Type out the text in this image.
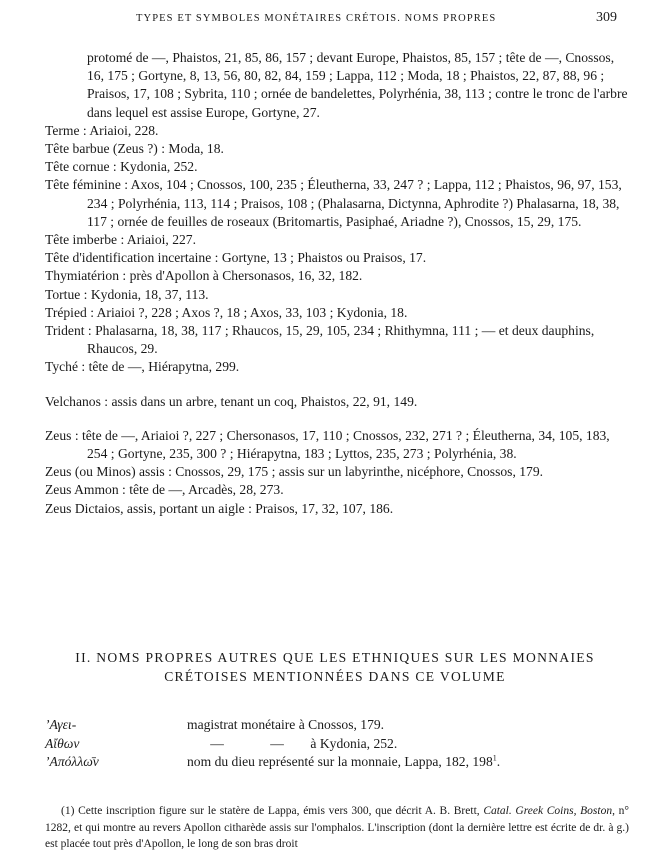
TYPES ET SYMBOLES MONÉTAIRES CRÉTOIS. NOMS PROPRES	309

protomé de —, Phaistos, 21, 85, 86, 157 ; devant Europe, Phaistos, 85, 157 ; tête de —, Cnossos, 16, 175 ; Gortyne, 8, 13, 56, 80, 82, 84, 159 ; Lappa, 112 ; Moda, 18 ; Phaistos, 22, 87, 88, 96 ; Praisos, 17, 108 ; Sybrita, 110 ; ornée de bandelettes, Polyrhénia, 38, 113 ; contre le tronc de l'arbre dans lequel est assise Europe, Gortyne, 27.

Terme : Ariaioi, 228.

Tête barbue (Zeus ?) : Moda, 18.

Tête cornue : Kydonia, 252.

Tête féminine : Axos, 104 ; Cnossos, 100, 235 ; Éleutherna, 33, 247 ? ; Lappa, 112 ; Phaistos, 96, 97, 153, 234 ; Polyrhénia, 113, 114 ; Praisos, 108 ; (Phalasarna, Dictynna, Aphrodite ?) Phalasarna, 18, 38, 117 ; ornée de feuilles de roseaux (Britomartis, Pasiphaé, Ariadne ?), Cnossos, 15, 29, 175.

Tête imberbe : Ariaioi, 227.

Tête d'identification incertaine : Gortyne, 13 ; Phaistos ou Praisos, 17.

Thymiatérion : près d'Apollon à Chersonasos, 16, 32, 182.

Tortue : Kydonia, 18, 37, 113.

Trépied : Ariaioi ?, 228 ; Axos ?, 18 ; Axos, 33, 103 ; Kydonia, 18.

Trident : Phalasarna, 18, 38, 117 ; Rhaucos, 15, 29, 105, 234 ; Rhithymna, 111 ; — et deux dauphins, Rhaucos, 29.

Tyché : tête de —, Hiérapytna, 299.

Velchanos : assis dans un arbre, tenant un coq, Phaistos, 22, 91, 149.

Zeus : tête de —, Ariaioi ?, 227 ; Chersonasos, 17, 110 ; Cnossos, 232, 271 ? ; Éleutherna, 34, 105, 183, 254 ; Gortyne, 235, 300 ? ; Hiérapytna, 183 ; Lyttos, 235, 273 ; Polyrhénia, 38.

Zeus (ou Minos) assis : Cnossos, 29, 175 ; assis sur un labyrinthe, nicéphore, Cnossos, 179.

Zeus Ammon : tête de —, Arcadès, 28, 273.

Zeus Dictaios, assis, portant un aigle : Praisos, 17, 32, 107, 186.

II. NOMS PROPRES AUTRES QUE LES ETHNIQUES SUR LES MONNAIES
CRÉTOISES MENTIONNÉES DANS CE VOLUME
’Αγει-	magistrat monétaire à Cnossos, 179.
Αἴθων	—	— à Kydonia, 252.
’Απόλλω̄ν	nom du dieu représenté sur la monnaie, Lappa, 182, $198^1$.
(1) Cette inscription figure sur le statère de Lappa, émis vers 300, que décrit A. B. Brett, Catal. Greek Coins, Boston, n° 1282, et qui montre au revers Apollon citharède assis sur l'omphalos. L'inscription (dont la dernière lettre est écrite de dr. à g.) est placée tout près d'Apollon, le long de son bras droit
